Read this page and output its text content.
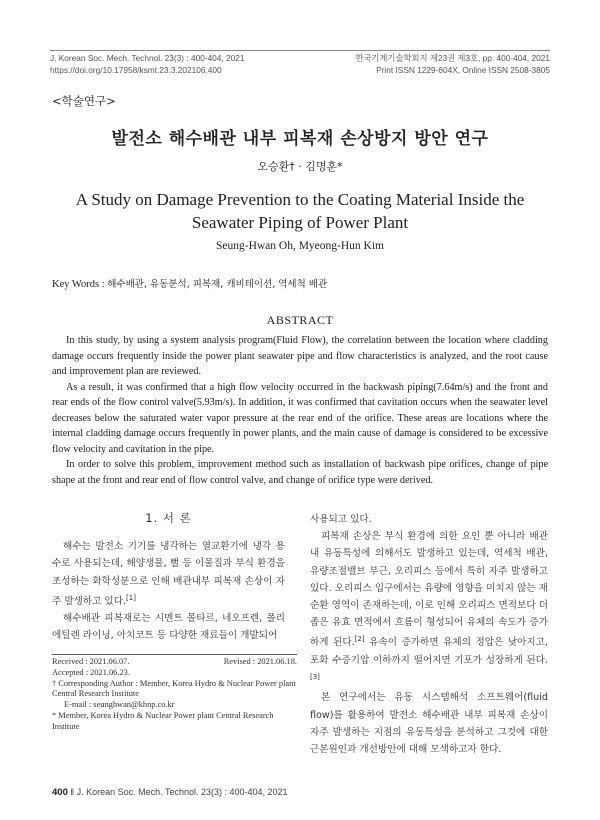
J. Korean Soc. Mech. Technol. 23(3) : 400-404, 2021
https://doi.org/10.17958/ksmt.23.3.202106.400
한국기계기술학회지 제23권 제3호, pp. 400-404, 2021
Print ISSN 1229-604X, Online ISSN 2508-3805
<학술연구>
발전소 해수배관 내부 피복재 손상방지 방안 연구
오승환† · 김명훈*
A Study on Damage Prevention to the Coating Material Inside the Seawater Piping of Power Plant
Seung-Hwan Oh, Myeong-Hun Kim
Key Words : 해수배관, 유동분석, 피복재, 캐비테이션, 역세척 배관
ABSTRACT

In this study, by using a system analysis program(Fluid Flow), the correlation between the location where cladding damage occurs frequently inside the power plant seawater pipe and flow characteristics is analyzed, and the root cause and improvement plan are reviewed.

As a result, it was confirmed that a high flow velocity occurred in the backwash piping(7.64m/s) and the front and rear ends of the flow control valve(5.93m/s). In addition, it was confirmed that cavitation occurs when the seawater level decreases below the saturated water vapor pressure at the rear end of the orifice. These areas are locations where the internal cladding damage occurs frequently in power plants, and the main cause of damage is considered to be excessive flow velocity and cavitation in the pipe.

In order to solve this problem, improvement method such as installation of backwash pipe orifices, change of pipe shape at the front and rear end of flow control valve, and change of orifice type were derived.

1. 서 론

해수는 발전소 기기를 냉각하는 열교환기에 냉각 용수로 사용되는데, 해양생물, 뻘 등 이물질과 부식 환경을 조성하는 화학성분으로 인해 배관내부 피복재 손상이 자주 발생하고 있다.[1]

해수배관 피복재로는 시멘트 몰타르, 네오프렌, 폴리에틸렌 라이닝, 아치코트 등 다양한 재료들이 개발되어

사용되고 있다.

피복재 손상은 부식 환경에 의한 요인 뿐 아니라 배관 내 유동특성에 의해서도 발생하고 있는데, 역세척 배관, 유량조절밸브 부근, 오리피스 등에서 특히 자주 발생하고 있다. 오리피스 입구에서는 유량에 영향을 미치지 않는 재순환 영역이 존재하는데, 이로 인해 오리피스 면적보다 더 좁은 유효 면적에서 흐름이 형성되어 유체의 속도가 증가하게 된다.[2] 유속이 증가하면 유체의 정압은 낮아지고, 포화 수증기압 이하까지 떨어지면 기포가 성장하게 된다.[3]

본 연구에서는 유동 시스템해석 소프트웨어(fluid flow)를 활용하여 발전소 해수배관 내부 피복재 손상이 자주 발생하는 지점의 유동특성을 분석하고 그것에 대한 근본원인과 개선방안에 대해 모색하고자 한다.

Received : 2021.06.07.	Revised : 2021.06.18.
Accepted : 2021.06.23.
† Corresponding Author : Member, Korea Hydro & Nuclear Power plant Central Research Institute
E-mail : seunghwan@khnp.co.kr
* Member, Korea Hydro & Nuclear Power plant Central Research Institute
400 ‖ J. Korean Soc. Mech. Technol. 23(3) : 400-404, 2021
